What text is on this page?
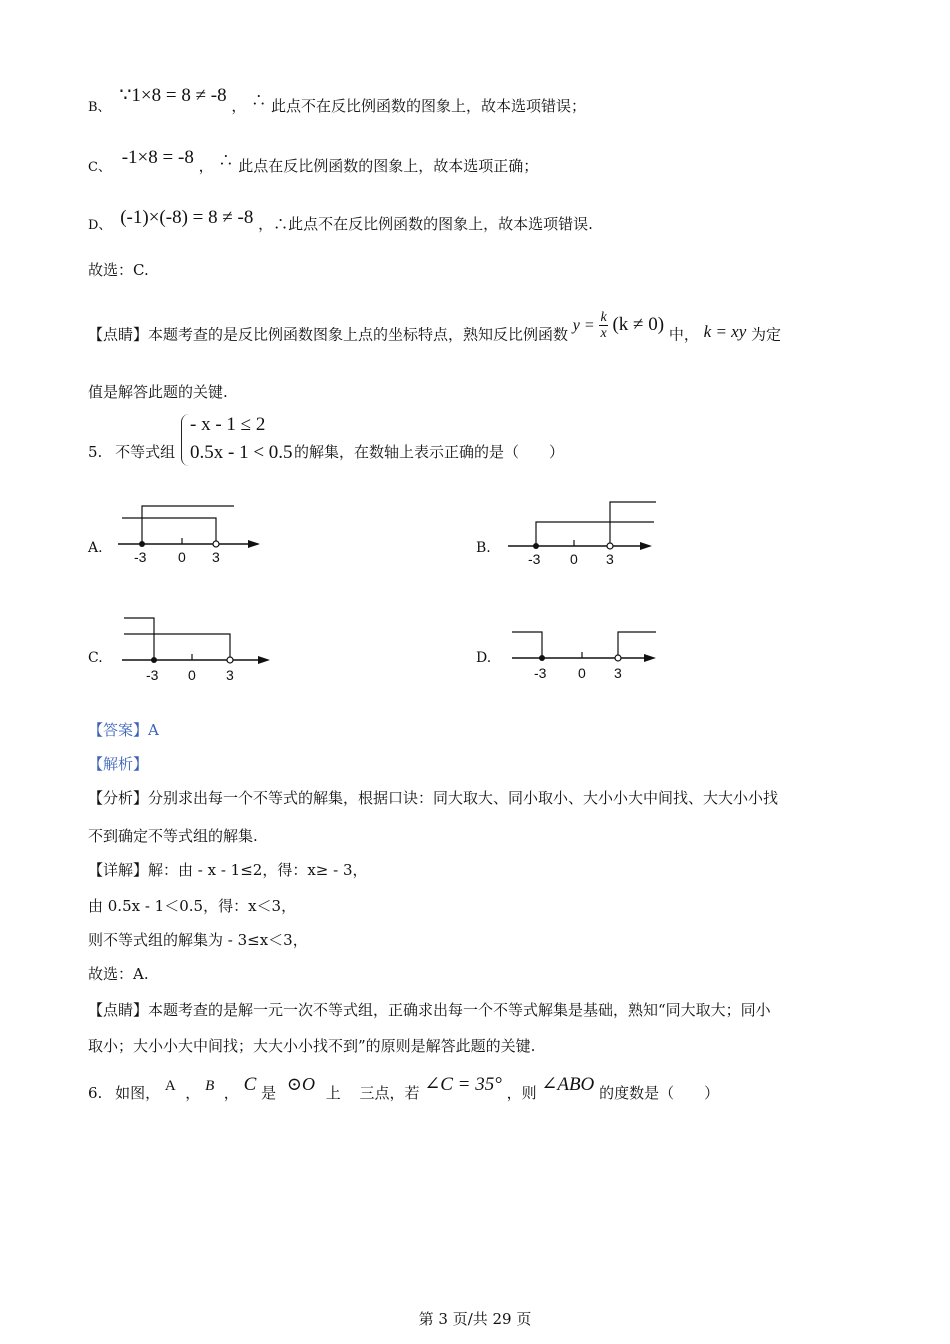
B、 ∵1×8 = 8 ≠ -8 ， ∴ 此点不在反比例函数的图象上，故本选项错误；
C、 -1×8 = -8 ， ∴ 此点在反比例函数的图象上，故本选项正确；
D、 (-1)×(-8) = 8 ≠ -8 ，∴此点不在反比例函数的图象上，故本选项错误.
故选：C.
【点睛】本题考查的是反比例函数图象上点的坐标特点，熟知反比例函数 $y = \frac{k}{x} (k \ne 0)$ 中， k = xy 为定
值是解答此题的关键.
5. 不等式组
- x - 1 ≤ 2
0.5x - 1 < 0.5 的解集，在数轴上表示正确的是（　　）
A.
-3 0 3
B.
-3 0 3
C.
-3 0 3
D.
-3 0 3
【答案】A
【解析】
【分析】分别求出每一个不等式的解集，根据口诀：同大取大、同小取小、大小小大中间找、大大小小找
不到确定不等式组的解集.
【详解】解：由 - x - 1≤2，得：x≥ - 3，
由 0.5x - 1＜0.5，得：x＜3，
则不等式组的解集为 - 3≤x＜3，
故选：A.
【点睛】本题考查的是解一元一次不等式组，正确求出每一个不等式解集是基础，熟知“同大取大；同小
取小；大小小大中间找；大大小小找不到”的原则是解答此题的关键.
6. 如图， A  ， B  ， C 是 ⊙O 上 三点，若 ∠C = 35° ，则 ∠ABO 的度数是（　　）
第 3 页/共 29 页
